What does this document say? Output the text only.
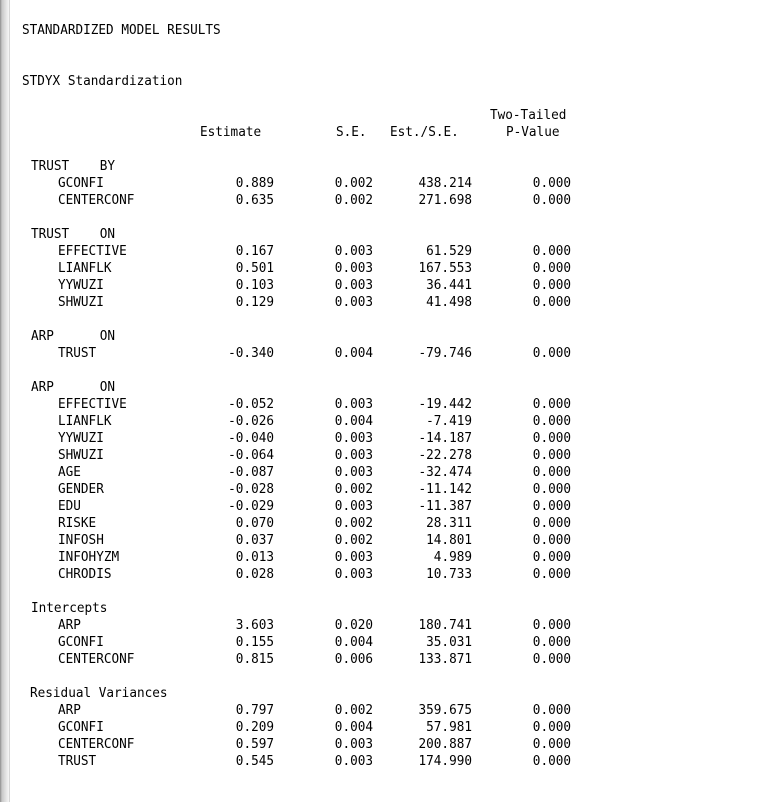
STANDARDIZED MODEL RESULTS
STDYX Standardization
Two-Tailed
Estimate	S.E. Est./S.E.	P-Value
TRUST    BY
GCONFI	0.889	0.002	438.214	0.000
CENTERCONF	0.635	0.002	271.698	0.000
TRUST    ON
EFFECTIVE	0.167	0.003	61.529	0.000
LIANFLK	0.501	0.003	167.553	0.000
YYWUZI	0.103	0.003	36.441	0.000
SHWUZI	0.129	0.003	41.498	0.000
ARP      ON
TRUST	-0.340	0.004	-79.746	0.000
ARP      ON
EFFECTIVE	-0.052	0.003	-19.442	0.000
LIANFLK	-0.026	0.004	-7.419	0.000
YYWUZI	-0.040	0.003	-14.187	0.000
SHWUZI	-0.064	0.003	-22.278	0.000
AGE	-0.087	0.003	-32.474	0.000
GENDER	-0.028	0.002	-11.142	0.000
EDU	-0.029	0.003	-11.387	0.000
RISKE	0.070	0.002	28.311	0.000
INFOSH	0.037	0.002	14.801	0.000
INFOHYZM	0.013	0.003	4.989	0.000
CHRODIS	0.028	0.003	10.733	0.000
Intercepts
ARP	3.603	0.020	180.741	0.000
GCONFI	0.155	0.004	35.031	0.000
CENTERCONF	0.815	0.006	133.871	0.000
Residual Variances
ARP	0.797	0.002	359.675	0.000
GCONFI	0.209	0.004	57.981	0.000
CENTERCONF	0.597	0.003	200.887	0.000
TRUST	0.545	0.003	174.990	0.000
